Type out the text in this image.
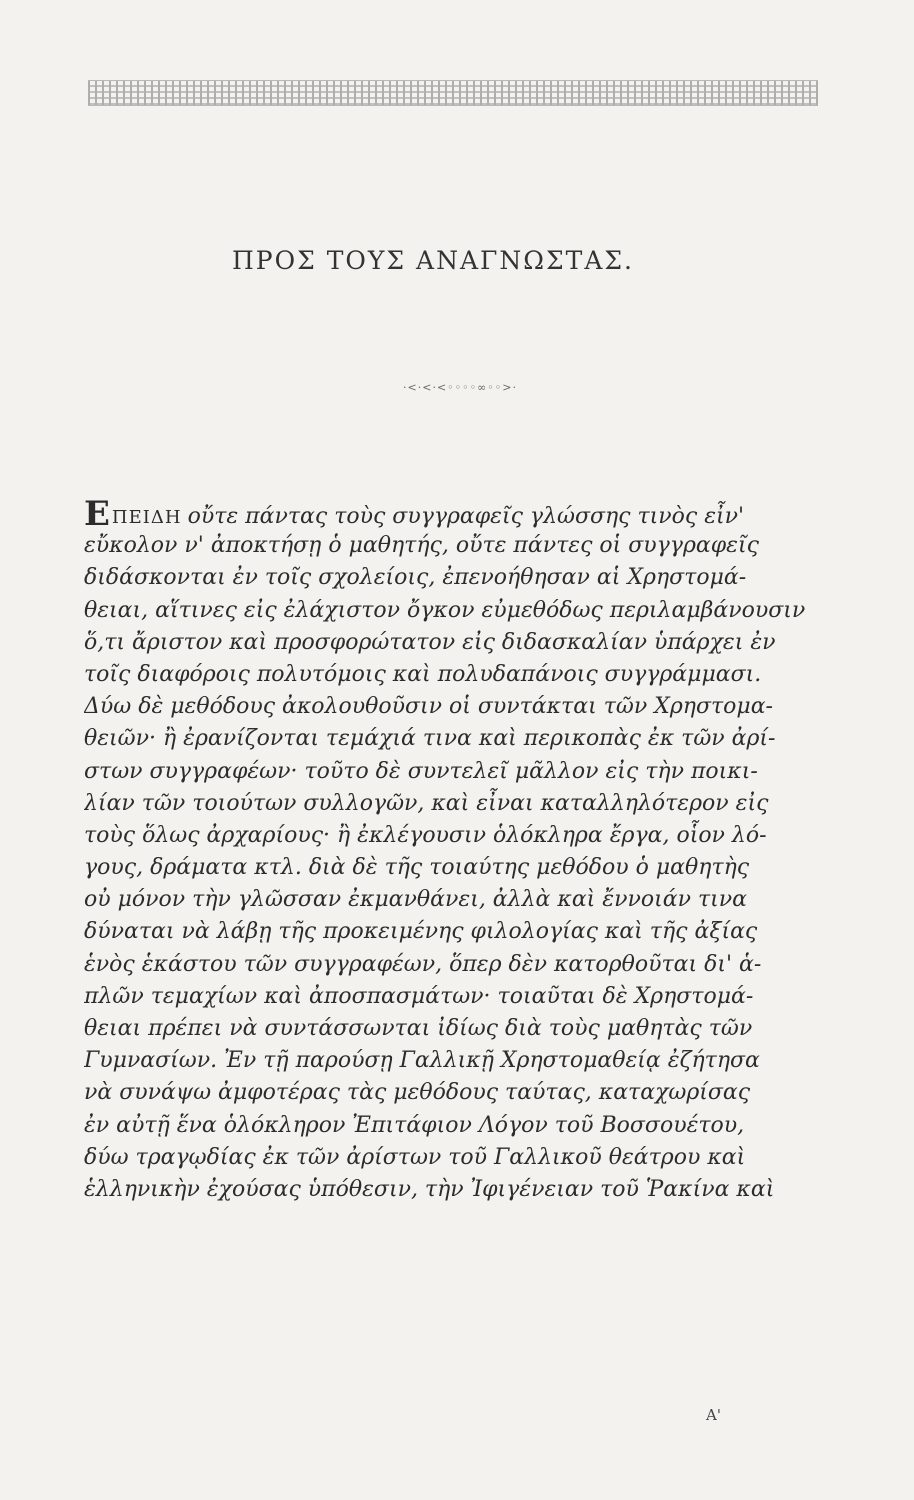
ΠΡΟΣ ΤΟΥΣ ΑΝΑΓΝΩΣΤΑΣ.
·<·<·<◦◦◦◦∞◦◦>·
ΕΠΕΙΔΗ οὔτε πάντας τοὺς συγγραφεῖς γλώσσης τινὸς εἶν'
εὔκολον ν' ἀποκτήσῃ ὁ μαθητής, οὔτε πάντες οἱ συγγραφεῖς
διδάσκονται ἐν τοῖς σχολείοις, ἐπενοήθησαν αἱ Χρηστομά-
θειαι, αἵτινες εἰς ἐλάχιστον ὄγκον εὐμεθόδως περιλαμβάνουσιν
ὅ,τι ἄριστον καὶ προσφορώτατον εἰς διδασκαλίαν ὑπάρχει ἐν
τοῖς διαφόροις πολυτόμοις καὶ πολυδαπάνοις συγγράμμασι.
Δύω δὲ μεθόδους ἀκολουθοῦσιν οἱ συντάκται τῶν Χρηστομα-
θειῶν· ἢ ἐρανίζονται τεμάχιά τινα καὶ περικοπὰς ἐκ τῶν ἀρί-
στων συγγραφέων· τοῦτο δὲ συντελεῖ μᾶλλον εἰς τὴν ποικι-
λίαν τῶν τοιούτων συλλογῶν, καὶ εἶναι καταλληλότερον εἰς
τοὺς ὅλως ἀρχαρίους· ἢ ἐκλέγουσιν ὁλόκληρα ἔργα, οἷον λό-
γους, δράματα κτλ. διὰ δὲ τῆς τοιαύτης μεθόδου ὁ μαθητὴς
οὐ μόνον τὴν γλῶσσαν ἐκμανθάνει, ἀλλὰ καὶ ἔννοιάν τινα
δύναται νὰ λάβῃ τῆς προκειμένης φιλολογίας καὶ τῆς ἀξίας
ἑνὸς ἑκάστου τῶν συγγραφέων, ὅπερ δὲν κατορθοῦται δι' ἁ-
πλῶν τεμαχίων καὶ ἀποσπασμάτων· τοιαῦται δὲ Χρηστομά-
θειαι πρέπει νὰ συντάσσωνται ἰδίως διὰ τοὺς μαθητὰς τῶν
Γυμνασίων. Ἐν τῇ παρούσῃ Γαλλικῇ Χρηστομαθείᾳ ἐζήτησα
νὰ συνάψω ἀμφοτέρας τὰς μεθόδους ταύτας, καταχωρίσας
ἐν αὐτῇ ἕνα ὁλόκληρον Ἐπιτάφιον Λόγον τοῦ Βοσσουέτου,
δύω τραγῳδίας ἐκ τῶν ἀρίστων τοῦ Γαλλικοῦ θεάτρου καὶ
ἑλληνικὴν ἐχούσας ὑπόθεσιν, τὴν Ἰφιγένειαν τοῦ Ῥακίνα καὶ
Α'
